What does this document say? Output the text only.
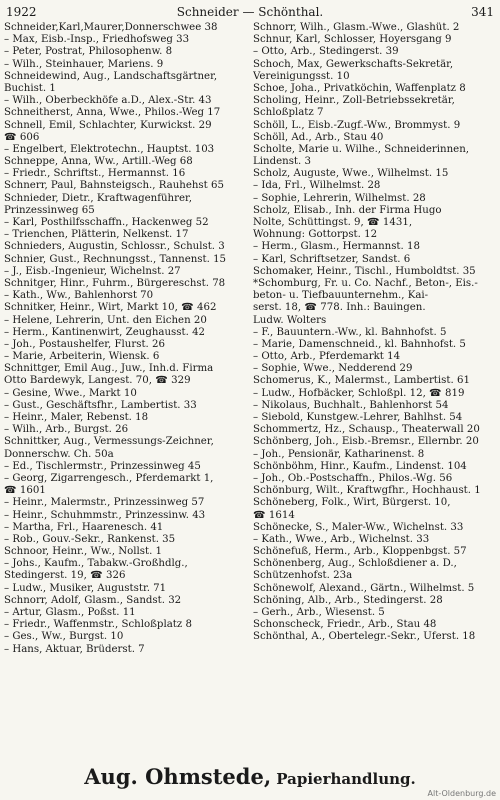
1922	Schneider — Schönthal.	341
Schneider,Karl,Maurer,Donnerschwee 38
– Max, Eisb.-Insp., Friedhofsweg 33
– Peter, Postrat, Philosophenw. 8
– Wilh., Steinhauer, Mariens. 9
Schneidewind, Aug., Landschaftsgärtner,
Buchist. 1
– Wilh., Oberbeckhöfe a.D., Alex.-Str. 43
Schneitherst, Anna, Wwe., Philos.-Weg 17
Schnell, Emil, Schlachter, Kurwickst. 29
☎ 606
– Engelbert, Elektrotechn., Hauptst. 103
Schneppe, Anna, Ww., Artill.-Weg 68
– Friedr., Schriftst., Hermannst. 16
Schnerr, Paul, Bahnsteigsch., Rauhehst 65
Schnieder, Dietr., Kraftwagenführer,
Prinzessinweg 65
– Karl, Posthilfsschaffn., Hackenweg 52
– Trienchen, Plätterin, Nelkenst. 17
Schnieders, Augustin, Schlossr., Schulst. 3
Schnier, Gust., Rechnungsst., Tannenst. 15
– J., Eisb.-Ingenieur, Wichelnst. 27
Schnitger, Hinr., Fuhrm., Bürgereschst. 78
– Kath., Ww., Bahlenhorst 70
Schnitker, Heinr., Wirt, Markt 10, ☎ 462
– Helene, Lehrerin, Unt. den Eichen 20
– Herm., Kantinenwirt, Zeughausst. 42
– Joh., Postaushelfer, Flurst. 26
– Marie, Arbeiterin, Wiensk. 6
Schnittger, Emil Aug., Juw., Inh.d. Firma
Otto Bardewyk, Langest. 70, ☎ 329
– Gesine, Wwe., Markt 10
– Gust., Geschäftsfhr., Lambertist. 33
– Heinr., Maler, Rebenst. 18
– Wilh., Arb., Burgst. 26
Schnittker, Aug., Vermessungs-Zeichner,
Donnerschw. Ch. 50a
– Ed., Tischlermstr., Prinzessinweg 45
– Georg, Zigarrengesch., Pferdemarkt 1,
☎ 1601
– Heinr., Malermstr., Prinzessinweg 57
– Heinr., Schuhmmstr., Prinzessinw. 43
– Martha, Frl., Haarenesch. 41
– Rob., Gouv.-Sekr., Rankenst. 35
Schnoor, Heinr., Ww., Nollst. 1
– Johs., Kaufm., Tabakw.-Großhdlg.,
Stedingerst. 19, ☎ 326
– Ludw., Musiker, Auguststr. 71
Schnorr, Adolf, Glasm., Sandst. 32
– Artur, Glasm., Poßst. 11
– Friedr., Waffenmstr., Schloßplatz 8
– Ges., Ww., Burgst. 10
– Hans, Aktuar, Brüderst. 7
Schnorr, Wilh., Glasm.-Wwe., Glashüt. 2
Schnur, Karl, Schlosser, Hoyersgang 9
– Otto, Arb., Stedingerst. 39
Schoch, Max, Gewerkschafts-Sekretär,
Vereinigungsst. 10
Schoe, Joha., Privatköchin, Waffenplatz 8
Scholing, Heinr., Zoll-Betriebssekretär,
Schloßplatz 7
Schöll, L., Eisb.-Zugf.-Ww., Brommyst. 9
Schöll, Ad., Arb., Stau 40
Scholte, Marie u. Wilhe., Schneiderinnen,
Lindenst. 3
Scholz, Auguste, Wwe., Wilhelmst. 15
– Ida, Frl., Wilhelmst. 28
– Sophie, Lehrerin, Wilhelmst. 28
Scholz, Elisab., Inh. der Firma Hugo
Nolte, Schüttingst. 9, ☎ 1431,
Wohnung: Gottorpst. 12
– Herm., Glasm., Hermannst. 18
– Karl, Schriftsetzer, Sandst. 6
Schomaker, Heinr., Tischl., Humboldtst. 35
*Schomburg, Fr. u. Co. Nachf., Beton-, Eis.-
beton- u. Tiefbauunternehm., Kai-
serst. 18, ☎ 778. Inh.: Bauingen.
Ludw. Wolters
– F., Bauuntern.-Ww., kl. Bahnhofst. 5
– Marie, Damenschneid., kl. Bahnhofst. 5
– Otto, Arb., Pferdemarkt 14
– Sophie, Wwe., Nedderend 29
Schomerus, K., Malermst., Lambertist. 61
– Ludw., Hofbäcker, Schloßpl. 12, ☎ 819
– Nikolaus, Buchhalt., Bahlenhorst 54
– Siebold, Kunstgew.-Lehrer, Bahlhst. 54
Schommertz, Hz., Schausp., Theaterwall 20
Schönberg, Joh., Eisb.-Bremsr., Ellernbr. 20
– Joh., Pensionär, Katharinenst. 8
Schönböhm, Hinr., Kaufm., Lindenst. 104
– Joh., Ob.-Postschaffn., Philos.-Wg. 56
Schönburg, Wilt., Kraftwgfhr., Hochhaust. 1
Schöneberg, Folk., Wirt, Bürgerst. 10,
☎ 1614
Schönecke, S., Maler-Ww., Wichelnst. 33
– Kath., Wwe., Arb., Wichelnst. 33
Schönefuß, Herm., Arb., Kloppenbgst. 57
Schönenberg, Aug., Schloßdiener a. D.,
Schützenhofst. 23a
Schönewolf, Alexand., Gärtn., Wilhelmst. 5
Schöning, Alb., Arb., Stedingerst. 28
– Gerh., Arb., Wiesenst. 5
Schonscheck, Friedr., Arb., Stau 48
Schönthal, A., Obertelegr.-Sekr., Uferst. 18
Aug. Ohmstede, Papierhandlung.
Alt-Oldenburg.de
